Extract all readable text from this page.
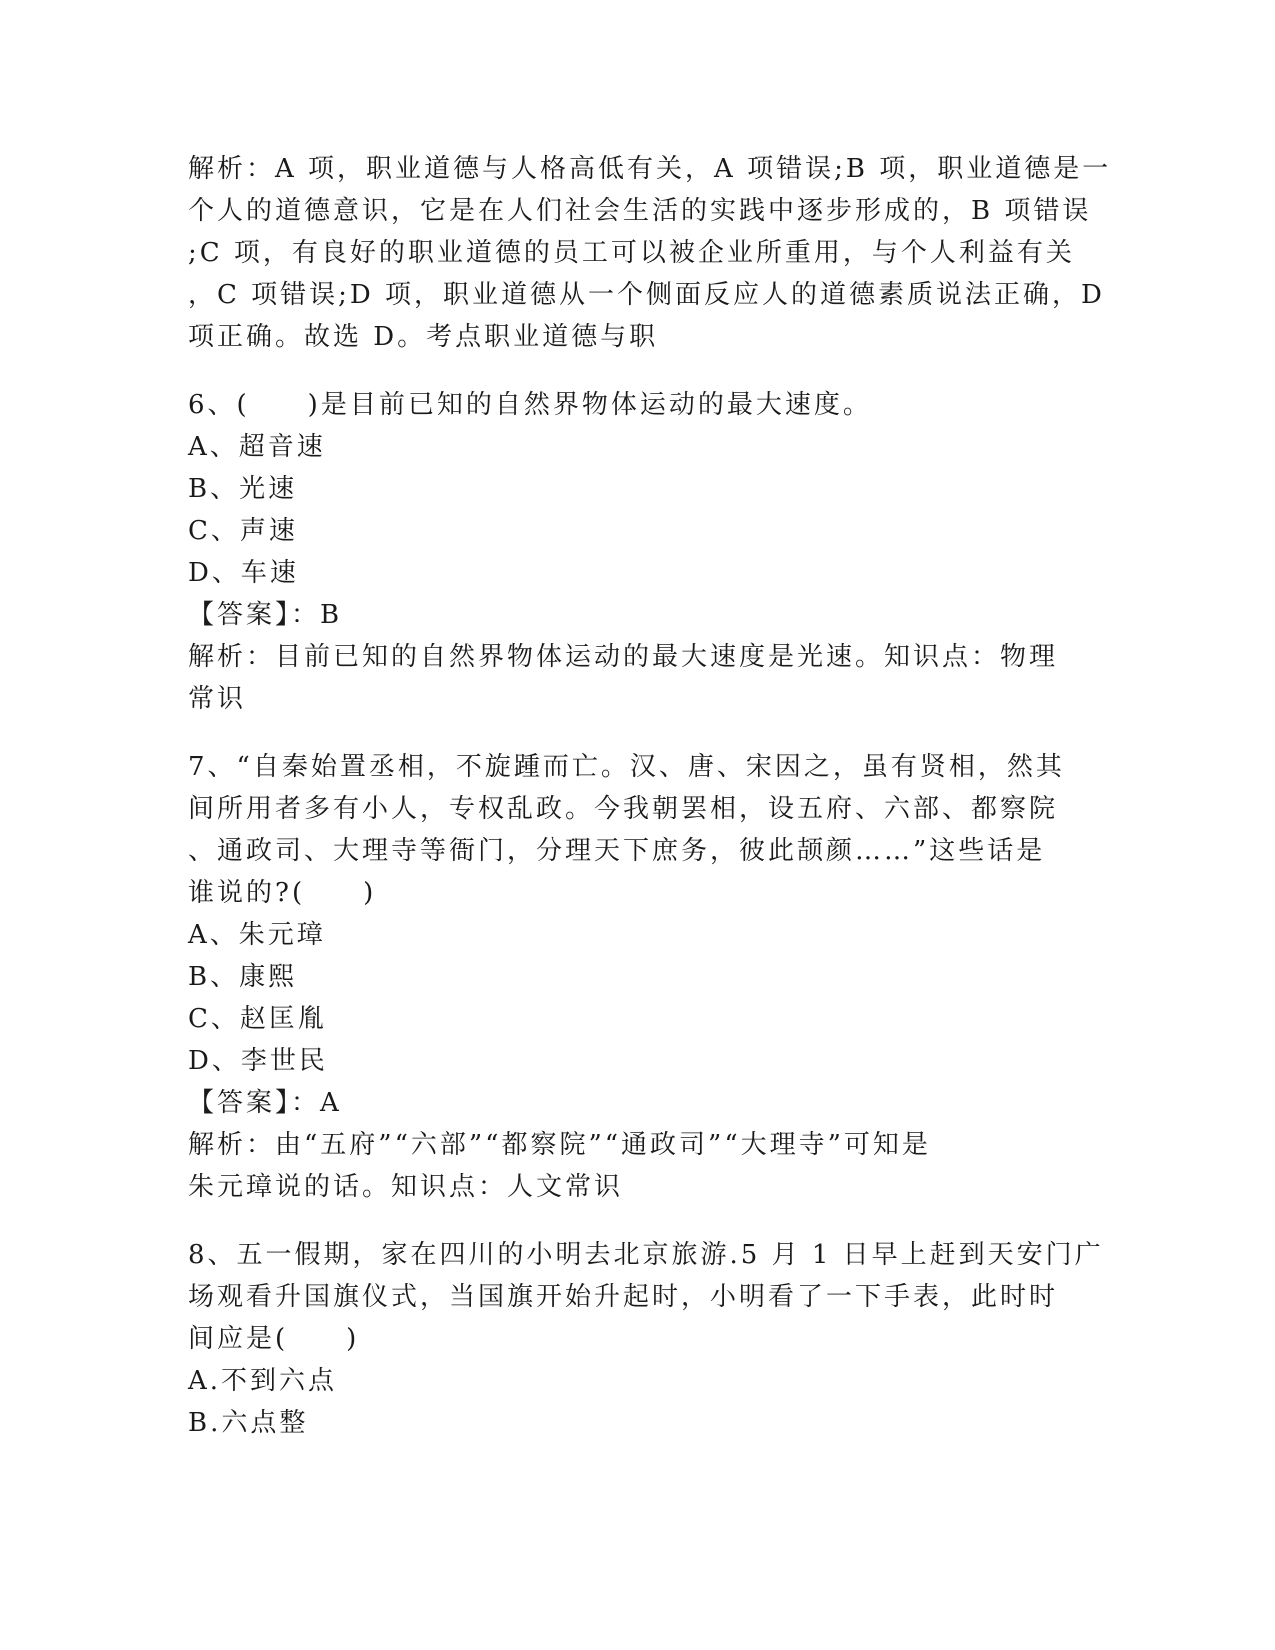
解析：A 项，职业道德与人格高低有关，A 项错误;B 项，职业道德是一
个人的道德意识，它是在人们社会生活的实践中逐步形成的，B 项错误
;C 项，有良好的职业道德的员工可以被企业所重用，与个人利益有关
，C 项错误;D 项，职业道德从一个侧面反应人的道德素质说法正确，D
项正确。故选 D。考点职业道德与职
6、(　　)是目前已知的自然界物体运动的最大速度。
A、超音速
B、光速
C、声速
D、车速
【答案】：B
解析：目前已知的自然界物体运动的最大速度是光速。知识点：物理
常识
7、“自秦始置丞相，不旋踵而亡。汉、唐、宋因之，虽有贤相，然其
间所用者多有小人，专权乱政。今我朝罢相，设五府、六部、都察院
、通政司、大理寺等衙门，分理天下庶务，彼此颉颜……”这些话是
谁说的?(　　)
A、朱元璋
B、康熙
C、赵匡胤
D、李世民
【答案】：A
解析：由“五府”“六部”“都察院”“通政司”“大理寺”可知是
朱元璋说的话。知识点：人文常识
8、五一假期，家在四川的小明去北京旅游.5 月 1 日早上赶到天安门广
场观看升国旗仪式，当国旗开始升起时，小明看了一下手表，此时时
间应是(　　)
A.不到六点
B.六点整
